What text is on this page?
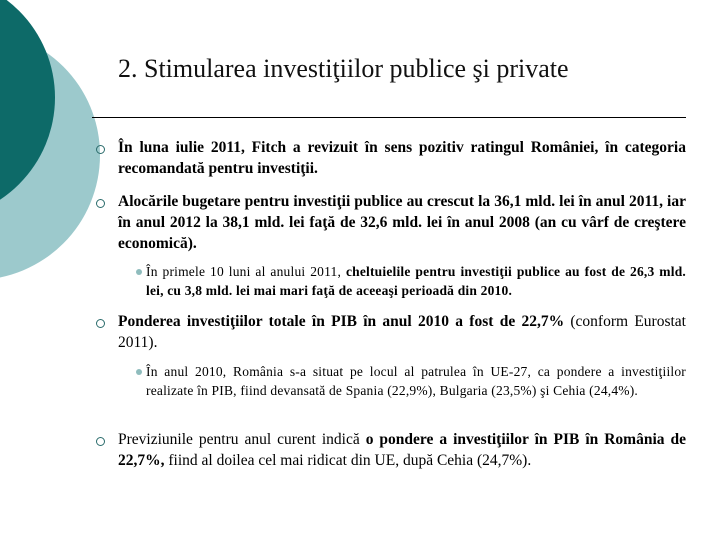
2. Stimularea investiţiilor publice şi private
În luna iulie 2011, Fitch a revizuit în sens pozitiv ratingul României, în categoria recomandată pentru investiţii.
Alocările bugetare pentru investiţii publice au crescut la 36,1 mld. lei în anul 2011, iar în anul 2012 la 38,1 mld. lei faţă de 32,6 mld. lei în anul 2008 (an cu vârf de creştere economică).
În primele 10 luni al anului 2011, cheltuielile pentru investiţii publice au fost de 26,3 mld. lei, cu 3,8 mld. lei mai mari faţă de aceeaşi perioadă din 2010.
Ponderea investiţiilor totale în PIB în anul 2010 a fost de 22,7% (conform Eurostat 2011).
În anul 2010, România s-a situat pe locul al patrulea în UE-27, ca pondere a investiţiilor realizate în PIB, fiind devansată de Spania (22,9%), Bulgaria (23,5%) şi Cehia (24,4%).
Previziunile pentru anul curent indică o pondere a investiţiilor în PIB în România de 22,7%, fiind al doilea cel mai ridicat din UE, după Cehia (24,7%).
